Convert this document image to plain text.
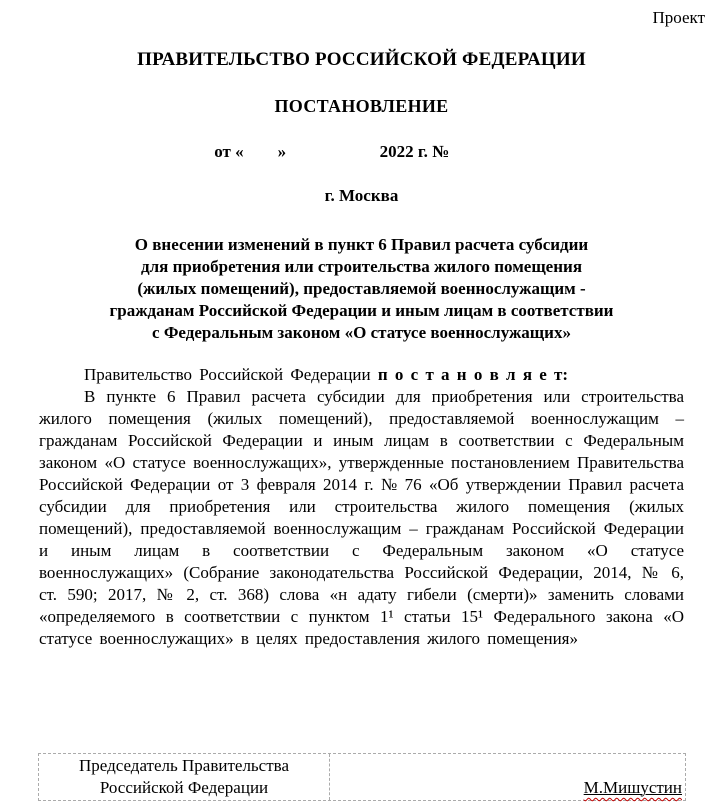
Проект
ПРАВИТЕЛЬСТВО РОССИЙСКОЙ ФЕДЕРАЦИИ
ПОСТАНОВЛЕНИЕ
от «        »                      2022 г. №
г. Москва
О внесении изменений в пункт 6 Правил расчета субсидии
для приобретения или строительства жилого помещения
(жилых помещений), предоставляемой военнослужащим -
гражданам Российской Федерации и иным лицам в соответствии
с Федеральным законом «О статусе военнослужащих»

Правительство Российской Федерации п о с т а н о в л я е т:

В пункте 6 Правил расчета субсидии для приобретения или строительства жилого помещения (жилых помещений), предоставляемой военнослужащим – гражданам Российской Федерации и иным лицам в соответствии с Федеральным законом «О статусе военнослужащих», утвержденные постановлением Правительства Российской Федерации от 3 февраля 2014 г. № 76 «Об утверждении Правил расчета субсидии для приобретения или строительства жилого помещения (жилых помещений), предоставляемой военнослужащим – гражданам Российской Федерации и иным лицам в соответствии с Федеральным законом «О статусе военнослужащих» (Собрание законодательства Российской Федерации, 2014, № 6, ст. 590; 2017, № 2, ст. 368) слова «н адату гибели (смерти)» заменить словами «определяемого в соответствии с пунктом 1¹ статьи 15¹ Федерального закона «О статусе военнослужащих» в целях предоставления жилого помещения»

Председатель Правительства
Российской Федерации	М.Мишустин
